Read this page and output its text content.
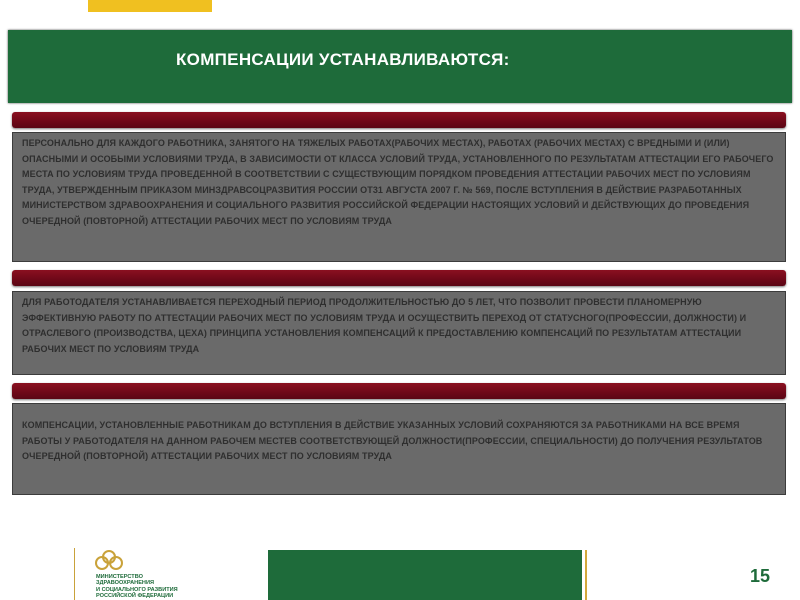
КОМПЕНСАЦИИ УСТАНАВЛИВАЮТСЯ:
ПЕРСОНАЛЬНО ДЛЯ КАЖДОГО РАБОТНИКА, ЗАНЯТОГО НА ТЯЖЕЛЫХ РАБОТАХ(РАБОЧИХ МЕСТАХ), РАБОТАХ (РАБОЧИХ МЕСТАХ) С ВРЕДНЫМИ И (ИЛИ) ОПАСНЫМИ И ОСОБЫМИ УСЛОВИЯМИ ТРУДА, В ЗАВИСИМОСТИ ОТ КЛАССА УСЛОВИЙ ТРУДА, УСТАНОВЛЕННОГО ПО РЕЗУЛЬТАТАМ АТТЕСТАЦИИ ЕГО РАБОЧЕГО МЕСТА ПО УСЛОВИЯМ ТРУДА ПРОВЕДЕННОЙ В СООТВЕТСТВИИ С СУЩЕСТВУЮЩИМ ПОРЯДКОМ ПРОВЕДЕНИЯ АТТЕСТАЦИИ РАБОЧИХ МЕСТ ПО УСЛОВИЯМ ТРУДА, УТВЕРЖДЕННЫМ ПРИКАЗОМ МИНЗДРАВСОЦРАЗВИТИЯ РОССИИ ОТ31 АВГУСТА 2007 Г. № 569, ПОСЛЕ ВСТУПЛЕНИЯ В ДЕЙСТВИЕ РАЗРАБОТАННЫХ МИНИСТЕРСТВОМ ЗДРАВООХРАНЕНИЯ И СОЦИАЛЬНОГО РАЗВИТИЯ РОССИЙСКОЙ ФЕДЕРАЦИИ НАСТОЯЩИХ УСЛОВИЙ И ДЕЙСТВУЮЩИХ ДО ПРОВЕДЕНИЯ ОЧЕРЕДНОЙ (ПОВТОРНОЙ) АТТЕСТАЦИИ РАБОЧИХ МЕСТ ПО УСЛОВИЯМ ТРУДА
ДЛЯ РАБОТОДАТЕЛЯ УСТАНАВЛИВАЕТСЯ ПЕРЕХОДНЫЙ ПЕРИОД ПРОДОЛЖИТЕЛЬНОСТЬЮ ДО 5 ЛЕТ, ЧТО ПОЗВОЛИТ ПРОВЕСТИ ПЛАНОМЕРНУЮ ЭФФЕКТИВНУЮ РАБОТУ ПО АТТЕСТАЦИИ РАБОЧИХ МЕСТ ПО УСЛОВИЯМ ТРУДА И ОСУЩЕСТВИТЬ ПЕРЕХОД ОТ СТАТУСНОГО(ПРОФЕССИИ, ДОЛЖНОСТИ) И ОТРАСЛЕВОГО (ПРОИЗВОДСТВА, ЦЕХА) ПРИНЦИПА УСТАНОВЛЕНИЯ КОМПЕНСАЦИЙ К ПРЕДОСТАВЛЕНИЮ КОМПЕНСАЦИЙ ПО РЕЗУЛЬТАТАМ АТТЕСТАЦИИ РАБОЧИХ МЕСТ ПО УСЛОВИЯМ ТРУДА
КОМПЕНСАЦИИ, УСТАНОВЛЕННЫЕ РАБОТНИКАМ ДО ВСТУПЛЕНИЯ В ДЕЙСТВИЕ УКАЗАННЫХ УСЛОВИЙ СОХРАНЯЮТСЯ ЗА РАБОТНИКАМИ НА ВСЕ ВРЕМЯ РАБОТЫ У РАБОТОДАТЕЛЯ НА ДАННОМ РАБОЧЕМ МЕСТЕВ СООТВЕТСТВУЮЩЕЙ ДОЛЖНОСТИ(ПРОФЕССИИ, СПЕЦИАЛЬНОСТИ) ДО ПОЛУЧЕНИЯ РЕЗУЛЬТАТОВ ОЧЕРЕДНОЙ (ПОВТОРНОЙ) АТТЕСТАЦИИ РАБОЧИХ МЕСТ ПО УСЛОВИЯМ ТРУДА
МИНИСТЕРСТВО
ЗДРАВООХРАНЕНИЯ
И СОЦИАЛЬНОГО РАЗВИТИЯ
РОССИЙСКОЙ ФЕДЕРАЦИИ
15
